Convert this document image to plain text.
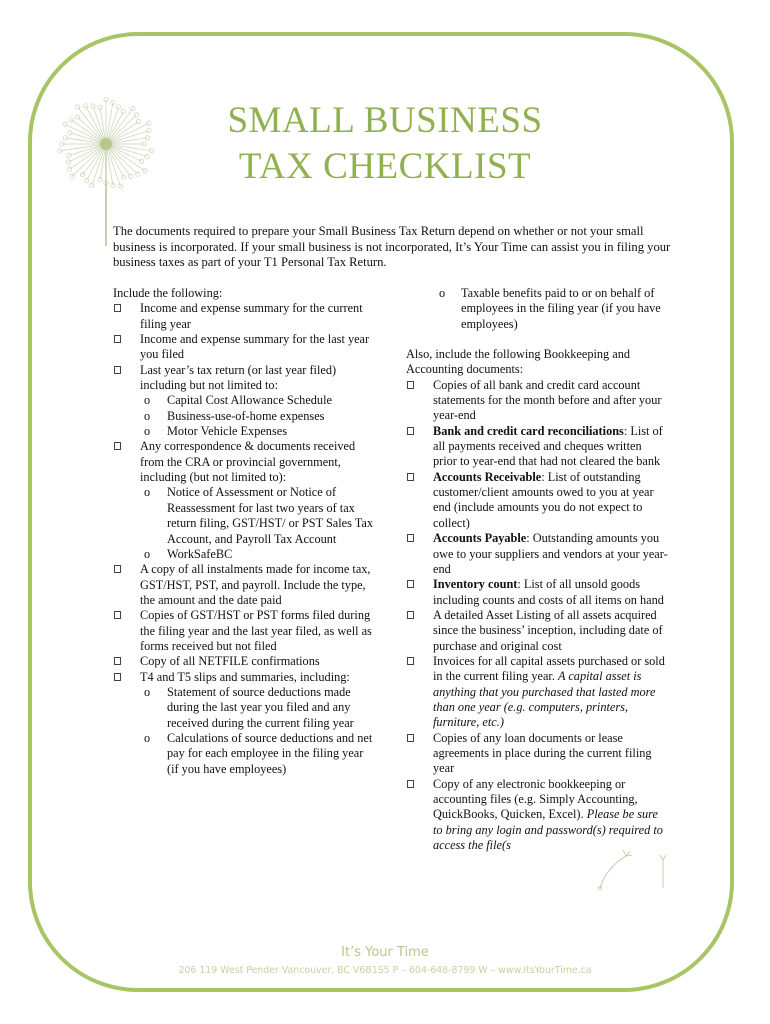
SMALL BUSINESS
TAX CHECKLIST
The documents required to prepare your Small Business Tax Return depend on whether or not your small business is incorporated. If your small business is not incorporated, It’s Your Time can assist you in filing your business taxes as part of your T1 Personal Tax Return.
Include the following:
Income and expense summary for the current filing year
Income and expense summary for the last year you filed
Last year’s tax return (or last year filed) including but not limited to:
o Capital Cost Allowance Schedule
o Business-use-of-home expenses
o Motor Vehicle Expenses
Any correspondence & documents received from the CRA or provincial government, including (but not limited to):
o Notice of Assessment or Notice of Reassessment for last two years of tax return filing, GST/HST/ or PST Sales Tax Account, and Payroll Tax Account
o WorkSafeBC
A copy of all instalments made for income tax, GST/HST, PST, and payroll. Include the type, the amount and the date paid
Copies of GST/HST or PST forms filed during the filing year and the last year filed, as well as forms received but not filed
Copy of all NETFILE confirmations
T4 and T5 slips and summaries, including:
o Statement of source deductions made during the last year you filed and any received during the current filing year
o Calculations of source deductions and net pay for each employee in the filing year (if you have employees)
o Taxable benefits paid to or on behalf of employees in the filing year (if you have employees)
Also, include the following Bookkeeping and Accounting documents:
Copies of all bank and credit card account statements for the month before and after your year-end
Bank and credit card reconciliations: List of all payments received and cheques written prior to year-end that had not cleared the bank
Accounts Receivable: List of outstanding customer/client amounts owed to you at year end (include amounts you do not expect to collect)
Accounts Payable: Outstanding amounts you owe to your suppliers and vendors at your year-end
Inventory count: List of all unsold goods including counts and costs of all items on hand
A detailed Asset Listing of all assets acquired since the business’ inception, including date of purchase and original cost
Invoices for all capital assets purchased or sold in the current filing year. A capital asset is anything that you purchased that lasted more than one year (e.g. computers, printers, furniture, etc.)
Copies of any loan documents or lease agreements in place during the current filing year
Copy of any electronic bookkeeping or accounting files (e.g. Simply Accounting, QuickBooks, Quicken, Excel). Please be sure to bring any login and password(s) required to access the file(s
It’s Your Time
206 119 West Pender Vancouver, BC V6B1S5 P – 604-648-8799 W – www.ItsYourTime.ca
